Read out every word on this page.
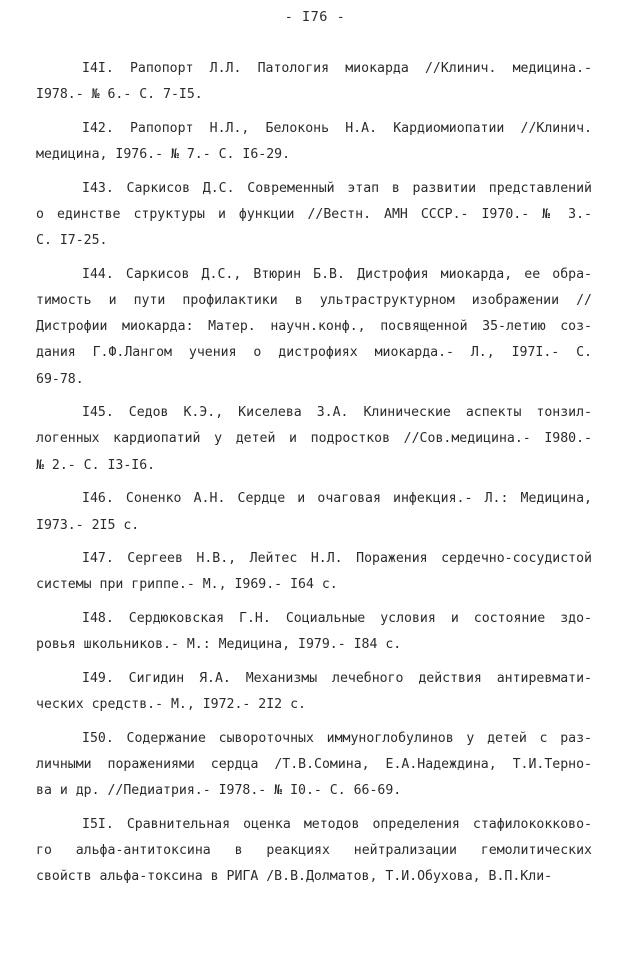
- I76 -
I4I. Рапопорт Л.Л. Патология миокарда //Клинич. медицина.-
I978.- № 6.- С. 7-I5.
I42. Рапопорт Н.Л., Белоконь Н.А. Кардиомиопатии //Клинич.
медицина, I976.- № 7.- С. I6-29.
I43. Саркисов Д.С. Современный этап в развитии представлений
о единстве структуры и функции //Вестн. АМН СССР.- I970.- № 3.-
С. I7-25.
I44. Саркисов Д.С., Втюрин Б.В. Дистрофия миокарда, ее обра-
тимость и пути профилактики в ультраструктурном изображении //
Дистрофии миокарда: Матер. научн.конф., посвященной 35-летию соз-
дания Г.Ф.Лангом учения о дистрофиях миокарда.- Л., I97I.- С.
69-78.
I45. Седов К.Э., Киселева З.А. Клинические аспекты тонзил-
логенных кардиопатий у детей и подростков //Сов.медицина.- I980.-
№ 2.- С. I3-I6.
I46. Соненко А.Н. Сердце и очаговая инфекция.- Л.: Медицина,
I973.- 2I5 с.
I47. Сергеев Н.В., Лейтес Н.Л. Поражения сердечно-сосудистой
системы при гриппе.- М., I969.- I64 с.
I48. Сердюковская Г.Н. Социальные условия и состояние здо-
ровья школьников.- М.: Медицина, I979.- I84 с.
I49. Сигидин Я.А. Механизмы лечебного действия антиревмати-
ческих средств.- М., I972.- 2I2 с.
I50. Содержание сывороточных иммуноглобулинов у детей с раз-
личными поражениями сердца /Т.В.Сомина, Е.А.Надеждина, Т.И.Терно-
ва и др. //Педиатрия.- I978.- № I0.- С. 66-69.
I5I. Сравнительная оценка методов определения стафилококково-
го альфа-антитоксина в реакциях нейтрализации гемолитических
свойств альфа-токсина в РИГА /В.В.Долматов, Т.И.Обухова, В.П.Кли-
